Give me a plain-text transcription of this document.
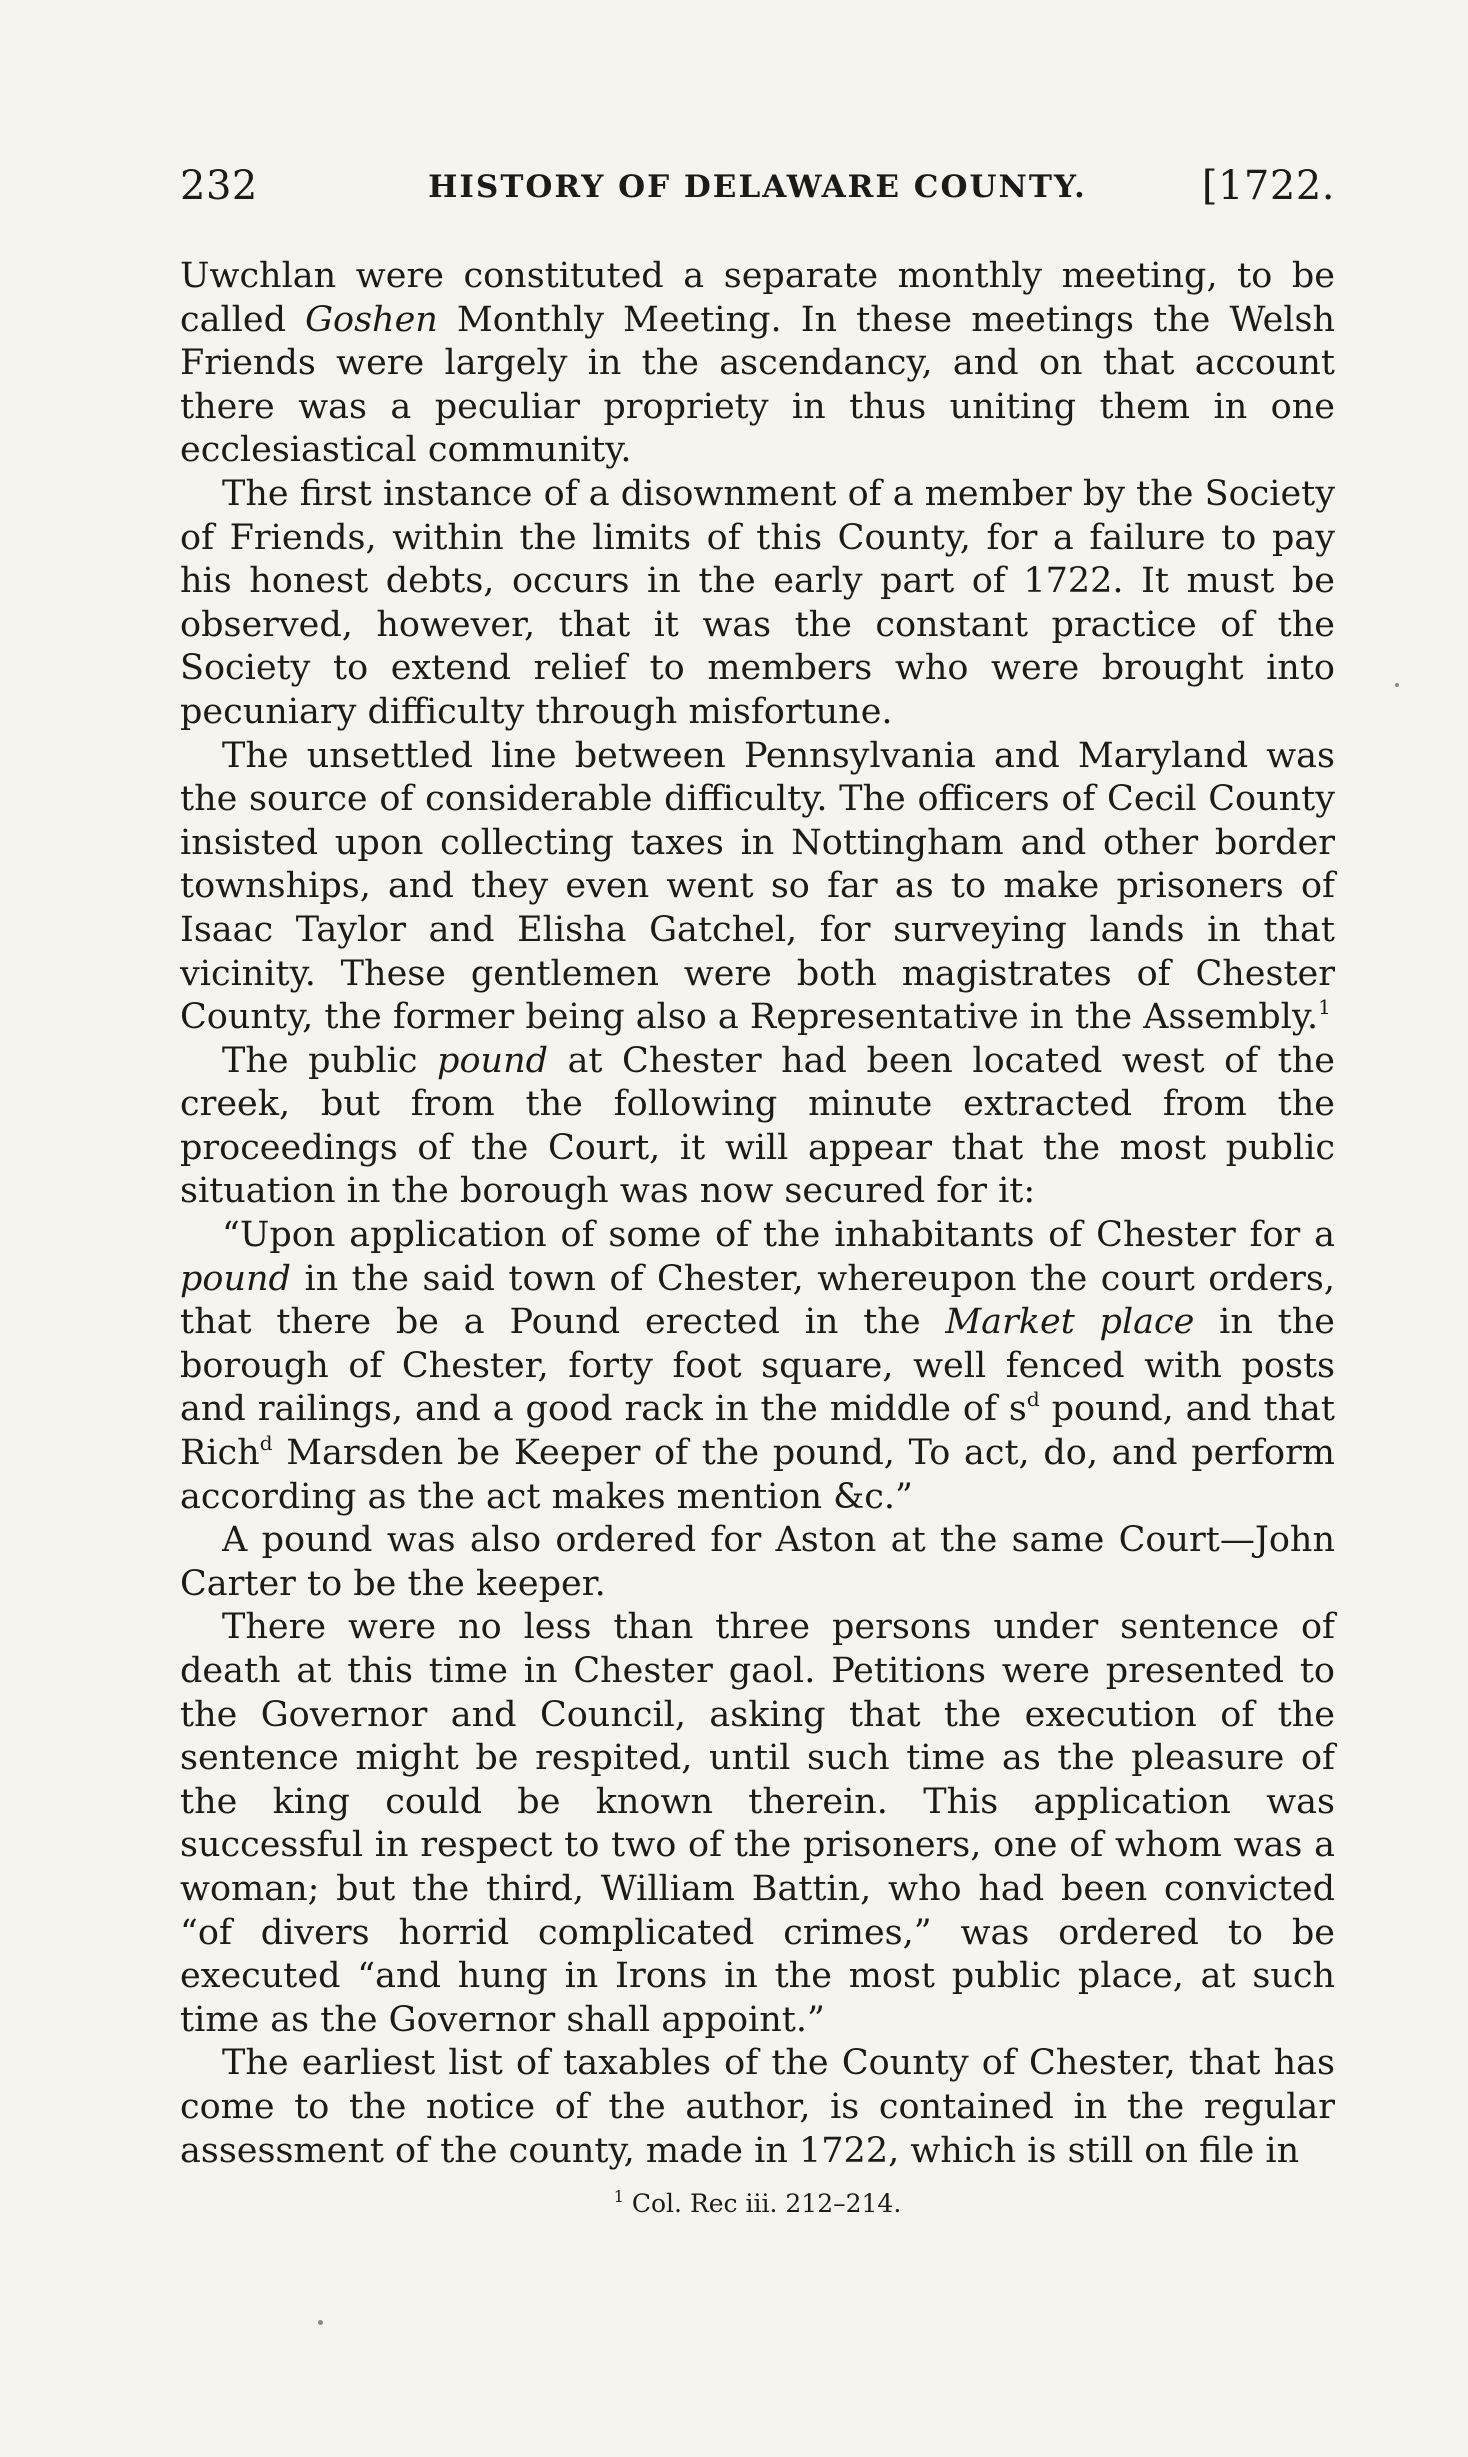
232	HISTORY OF DELAWARE COUNTY.	[1722.

Uwchlan were constituted a separate monthly meeting, to be called Goshen Monthly Meeting. In these meetings the Welsh Friends were largely in the ascendancy, and on that account there was a peculiar propriety in thus uniting them in one ecclesiastical community.

The first instance of a disownment of a member by the Society of Friends, within the limits of this County, for a failure to pay his honest debts, occurs in the early part of 1722. It must be observed, however, that it was the constant practice of the Society to extend relief to members who were brought into pecuniary difficulty through misfortune.

The unsettled line between Pennsylvania and Maryland was the source of considerable difficulty. The officers of Cecil County insisted upon collecting taxes in Nottingham and other border townships, and they even went so far as to make prisoners of Isaac Taylor and Elisha Gatchel, for surveying lands in that vicinity. These gentlemen were both magistrates of Chester County, the former being also a Representative in the Assembly.$^1$

The public pound at Chester had been located west of the creek, but from the following minute extracted from the proceedings of the Court, it will appear that the most public situation in the borough was now secured for it:

“Upon application of some of the inhabitants of Chester for a pound in the said town of Chester, whereupon the court orders, that there be a Pound erected in the Market place in the borough of Chester, forty foot square, well fenced with posts and railings, and a good rack in the middle of $s^d$ pound, and that Rich$^d$ Marsden be Keeper of the pound, To act, do, and perform according as the act makes mention &c.”

A pound was also ordered for Aston at the same Court—John Carter to be the keeper.

There were no less than three persons under sentence of death at this time in Chester gaol. Petitions were presented to the Governor and Council, asking that the execution of the sentence might be respited, until such time as the pleasure of the king could be known therein. This application was successful in respect to two of the prisoners, one of whom was a woman; but the third, William Battin, who had been convicted “of divers horrid complicated crimes,” was ordered to be executed “and hung in Irons in the most public place, at such time as the Governor shall appoint.”

The earliest list of taxables of the County of Chester, that has come to the notice of the author, is contained in the regular assessment of the county, made in 1722, which is still on file in

$^1$ Col. Rec iii. 212–214.
